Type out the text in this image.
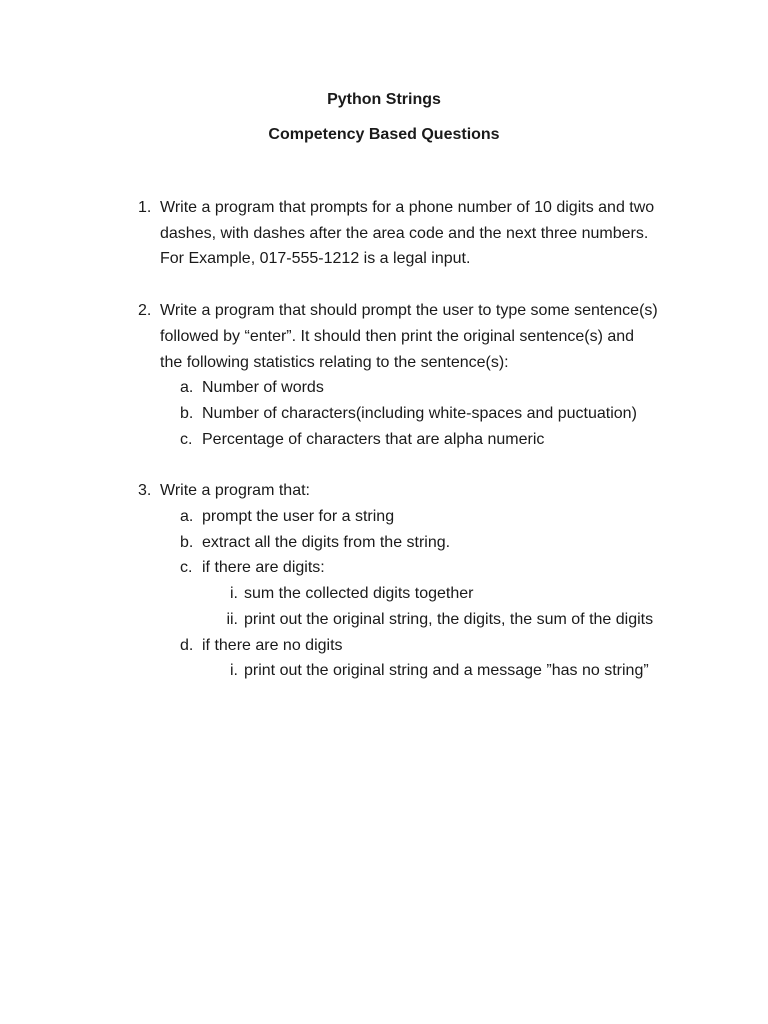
Python Strings
Competency Based Questions
1. Write a program that prompts for a phone number of 10 digits and two dashes, with dashes after the area code and the next three numbers. For Example, 017-555-1212 is a legal input.

2. Write a program that should prompt the user to type some sentence(s) followed by “enter”. It should then print the original sentence(s) and the following statistics relating to the sentence(s):

a. Number of words
b. Number of characters(including white-spaces and puctuation)
c. Percentage of characters that are alpha numeric
3. Write a program that:

a. prompt the user for a string
b. extract all the digits from the string.
c. if there are digits:
i. sum the collected digits together
ii. print out the original string, the digits, the sum of the digits
d. if there are no digits
i. print out the original string and a message ”has no string”
